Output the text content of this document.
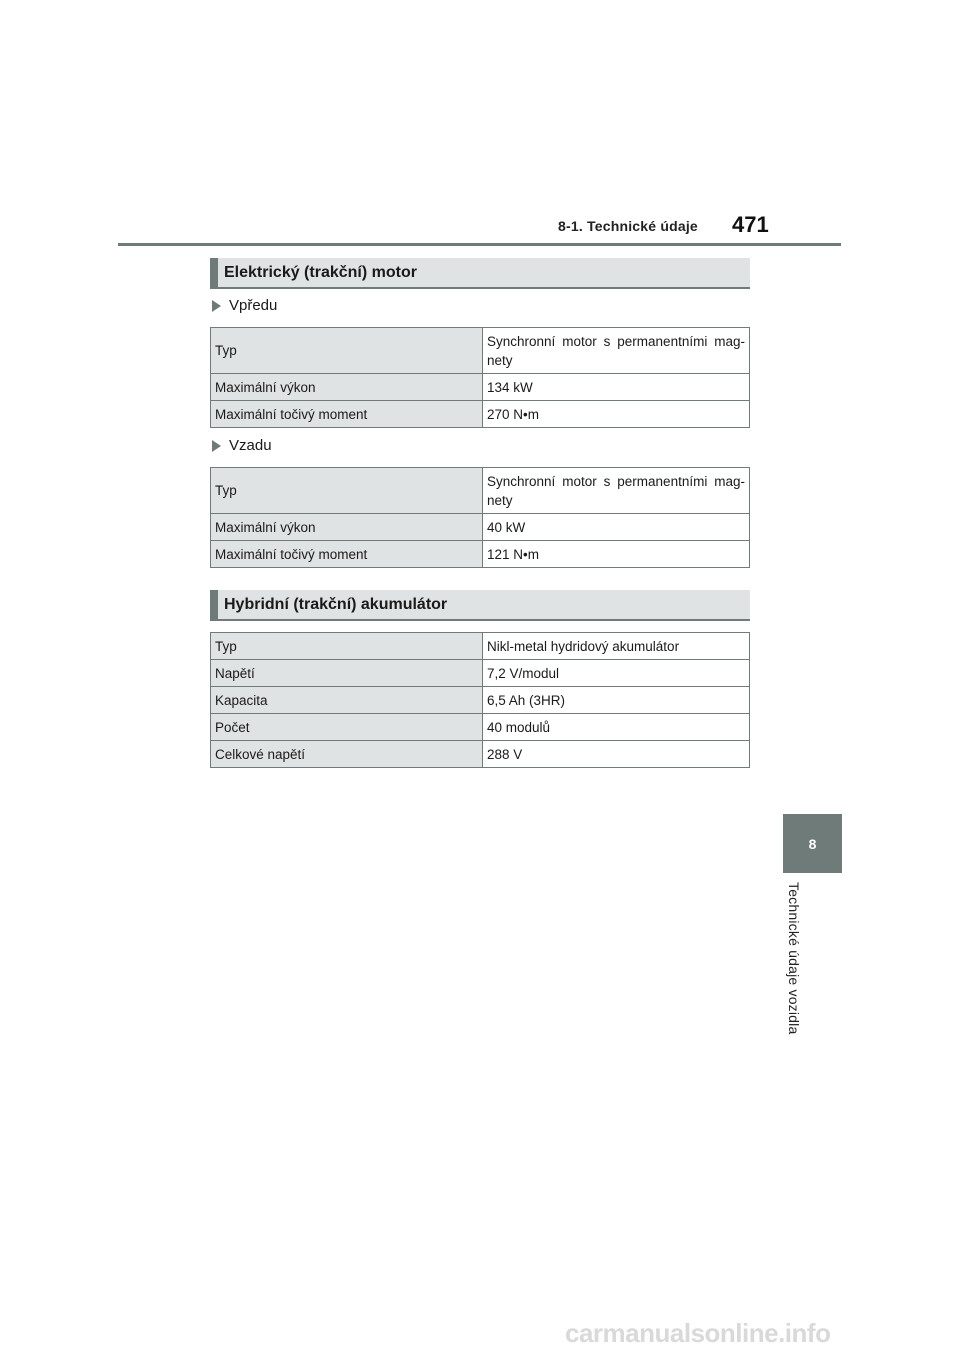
8-1. Technické údaje 471
8
Technické údaje vozidla
Elektrický (trakční) motor
Vpředu
Typ	Synchronní motor s permanentními mag- nety
Maximální výkon	134 kW
Maximální točivý moment	270 N•m
Vzadu
Typ	Synchronní motor s permanentními mag- nety
Maximální výkon	40 kW
Maximální točivý moment	121 N•m
Hybridní (trakční) akumulátor
Typ	Nikl-metal hydridový akumulátor
Napětí	7,2 V/modul
Kapacita	6,5 Ah (3HR)
Počet	40 modulů
Celkové napětí	288 V
carmanualsonline.info
